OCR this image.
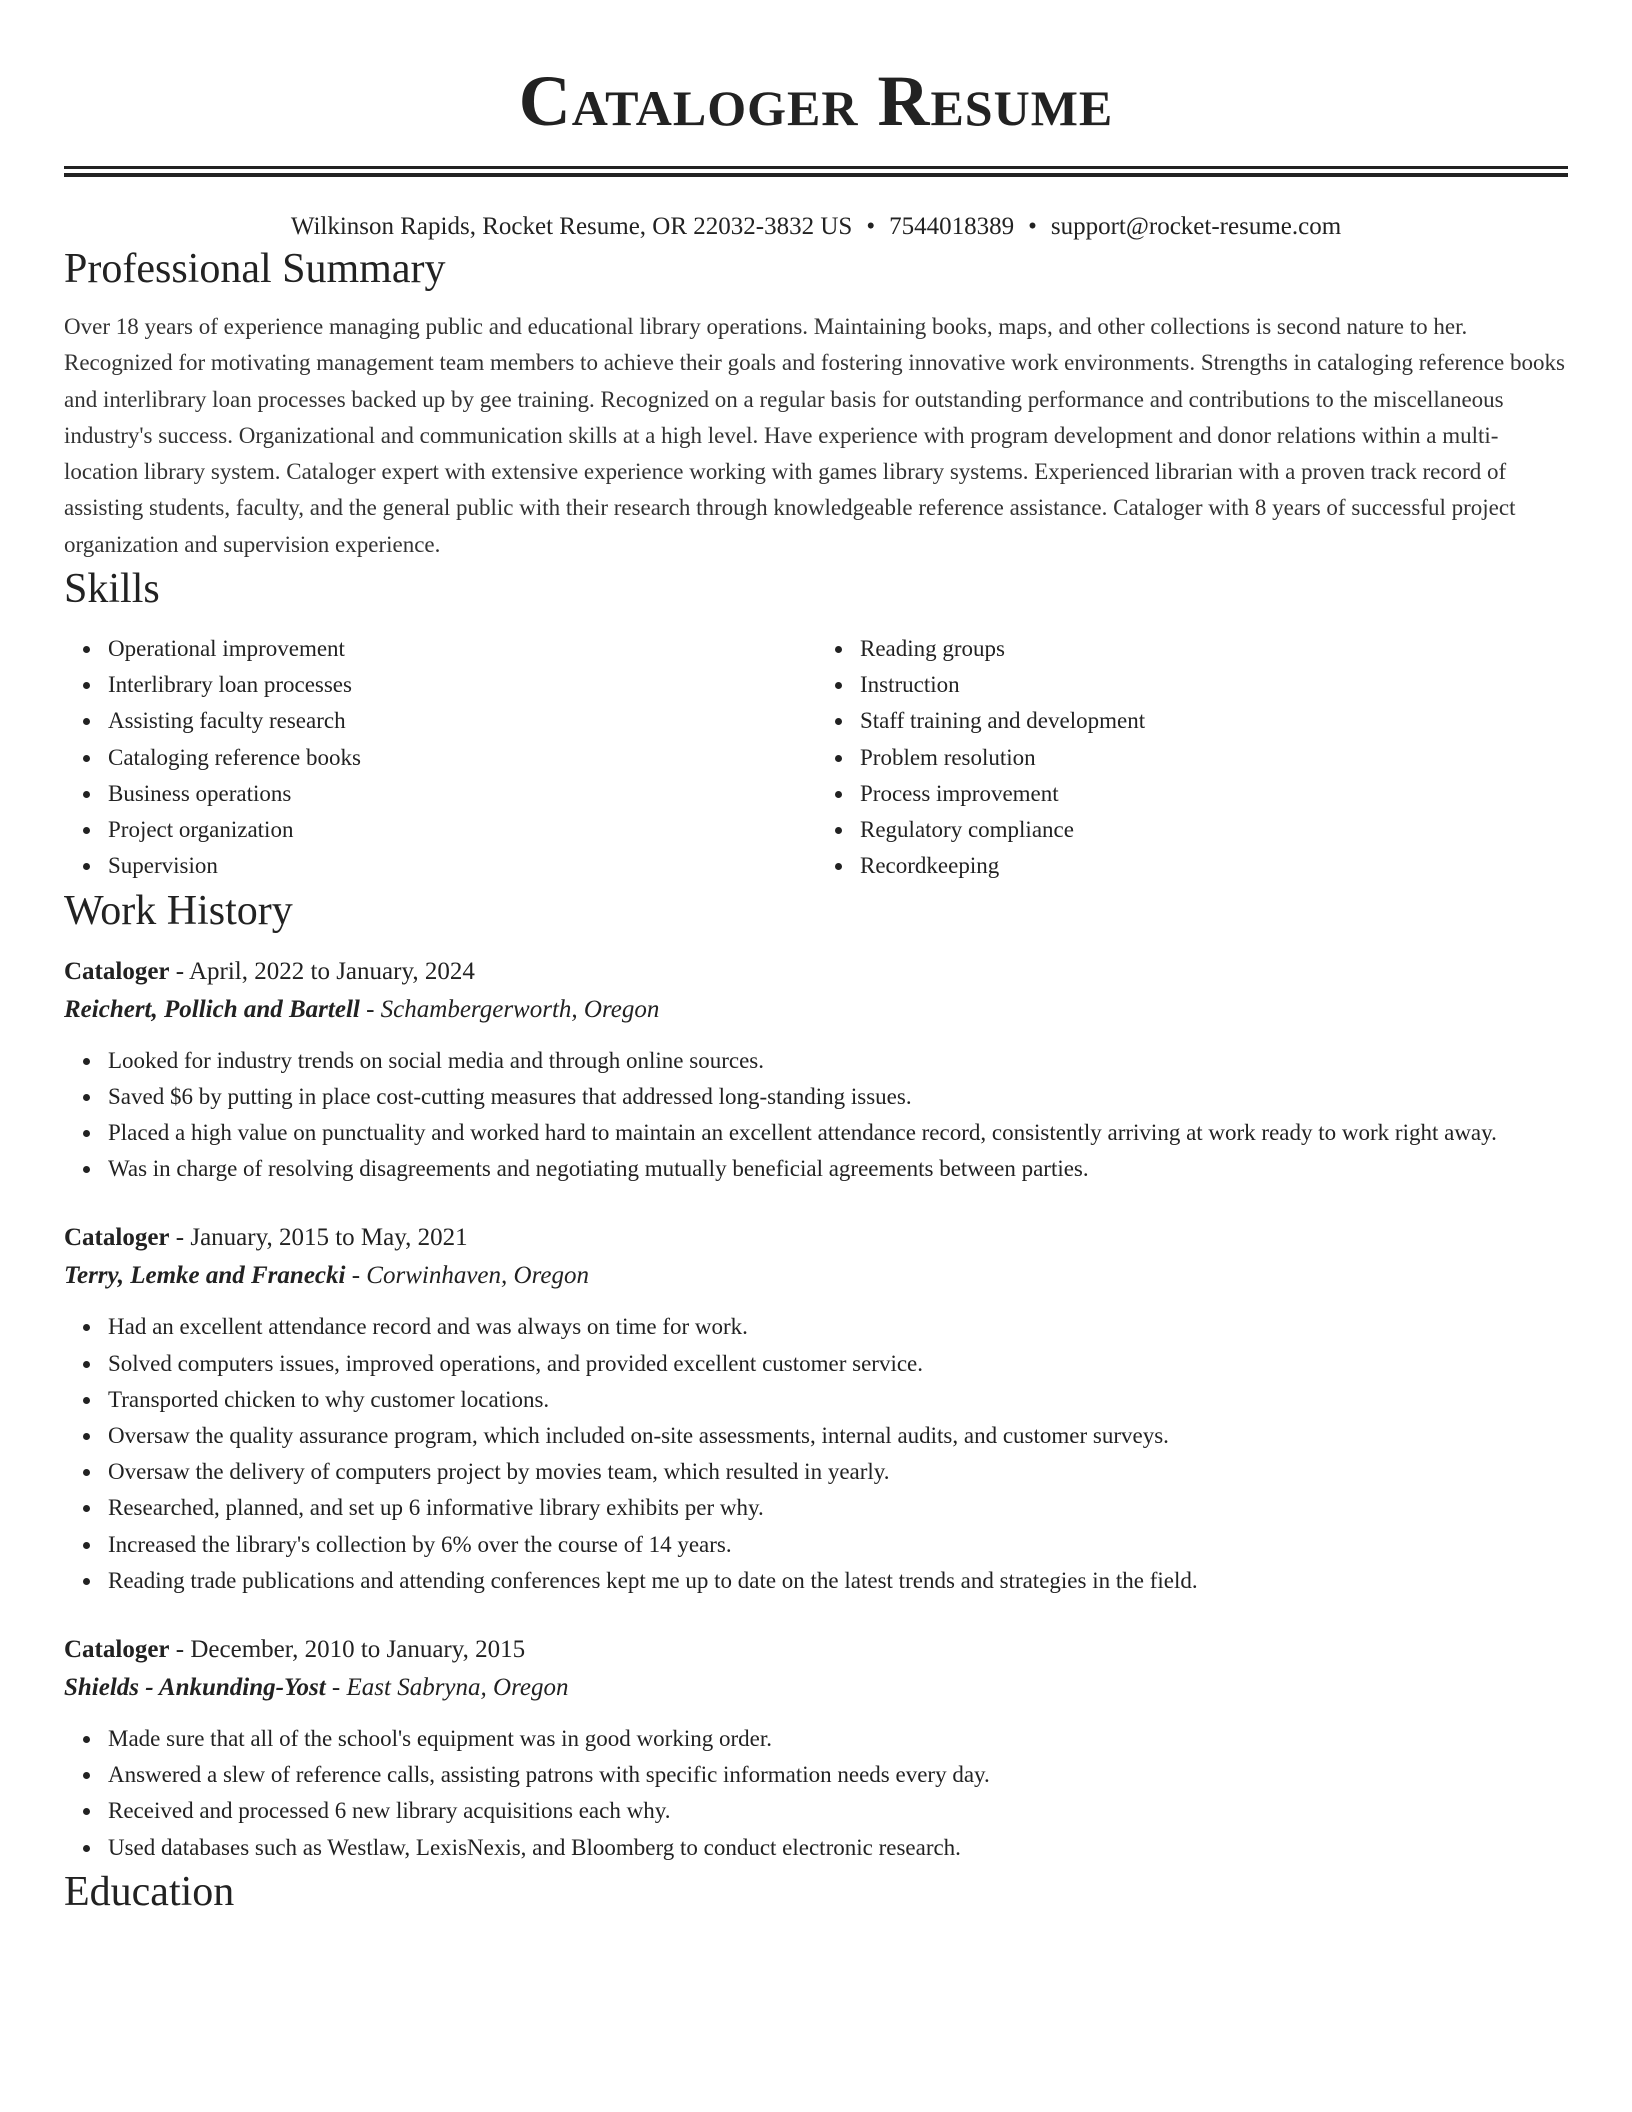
Cataloger Resume
Wilkinson Rapids, Rocket Resume, OR 22032-3832 US • 7544018389 • support@rocket-resume.com
Professional Summary
Over 18 years of experience managing public and educational library operations. Maintaining books, maps, and other collections is second nature to her. Recognized for motivating management team members to achieve their goals and fostering innovative work environments. Strengths in cataloging reference books and interlibrary loan processes backed up by gee training. Recognized on a regular basis for outstanding performance and contributions to the miscellaneous industry's success. Organizational and communication skills at a high level. Have experience with program development and donor relations within a multi-location library system. Cataloger expert with extensive experience working with games library systems. Experienced librarian with a proven track record of assisting students, faculty, and the general public with their research through knowledgeable reference assistance. Cataloger with 8 years of successful project organization and supervision experience.
Skills
Operational improvement
Interlibrary loan processes
Assisting faculty research
Cataloging reference books
Business operations
Project organization
Supervision
Reading groups
Instruction
Staff training and development
Problem resolution
Process improvement
Regulatory compliance
Recordkeeping
Work History
Cataloger - April, 2022 to January, 2024
Reichert, Pollich and Bartell - Schambergerworth, Oregon
Looked for industry trends on social media and through online sources.
Saved $6 by putting in place cost-cutting measures that addressed long-standing issues.
Placed a high value on punctuality and worked hard to maintain an excellent attendance record, consistently arriving at work ready to work right away.
Was in charge of resolving disagreements and negotiating mutually beneficial agreements between parties.
Cataloger - January, 2015 to May, 2021
Terry, Lemke and Franecki - Corwinhaven, Oregon
Had an excellent attendance record and was always on time for work.
Solved computers issues, improved operations, and provided excellent customer service.
Transported chicken to why customer locations.
Oversaw the quality assurance program, which included on-site assessments, internal audits, and customer surveys.
Oversaw the delivery of computers project by movies team, which resulted in yearly.
Researched, planned, and set up 6 informative library exhibits per why.
Increased the library's collection by 6% over the course of 14 years.
Reading trade publications and attending conferences kept me up to date on the latest trends and strategies in the field.
Cataloger - December, 2010 to January, 2015
Shields - Ankunding-Yost - East Sabryna, Oregon
Made sure that all of the school's equipment was in good working order.
Answered a slew of reference calls, assisting patrons with specific information needs every day.
Received and processed 6 new library acquisitions each why.
Used databases such as Westlaw, LexisNexis, and Bloomberg to conduct electronic research.
Education
